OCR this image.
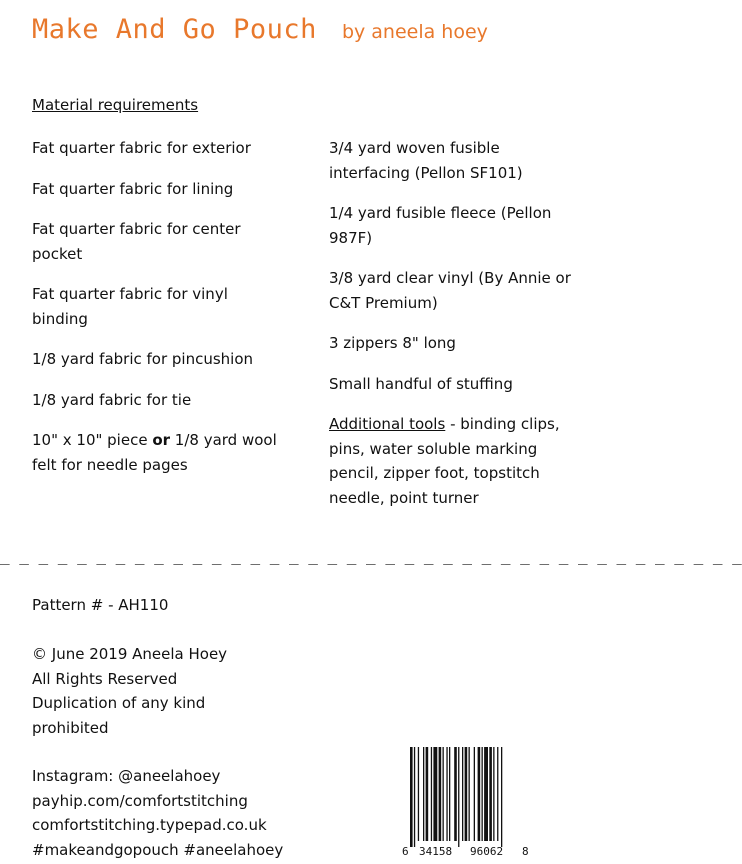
Make And Go Pouch by aneela hoey
Material requirements
Fat quarter fabric for exterior
Fat quarter fabric for lining
Fat quarter fabric for center pocket
Fat quarter fabric for vinyl binding
1/8 yard fabric for pincushion
1/8 yard fabric for tie
10" x 10" piece or 1/8 yard wool felt for needle pages
3/4 yard woven fusible interfacing (Pellon SF101)
1/4 yard fusible fleece (Pellon 987F)
3/8 yard clear vinyl (By Annie or C&T Premium)
3 zippers 8" long
Small handful of stuffing
Additional tools - binding clips, pins, water soluble marking pencil, zipper foot, topstitch needle, point turner
_ _ _ _ _ _ _ _ _ _ _ _ _ _ _ _ _ _ _ _ _ _ _ _ _ _ _ _ _ _ _ _ _ _ _ _ _ _ _
Pattern # - AH110
© June 2019 Aneela Hoey
All Rights Reserved
Duplication of any kind
prohibited
Instagram: @aneelahoey
payhip.com/comfortstitching
comfortstitching.typepad.co.uk
#makeandgopouch #aneelahoey	6 34158 96062 8
